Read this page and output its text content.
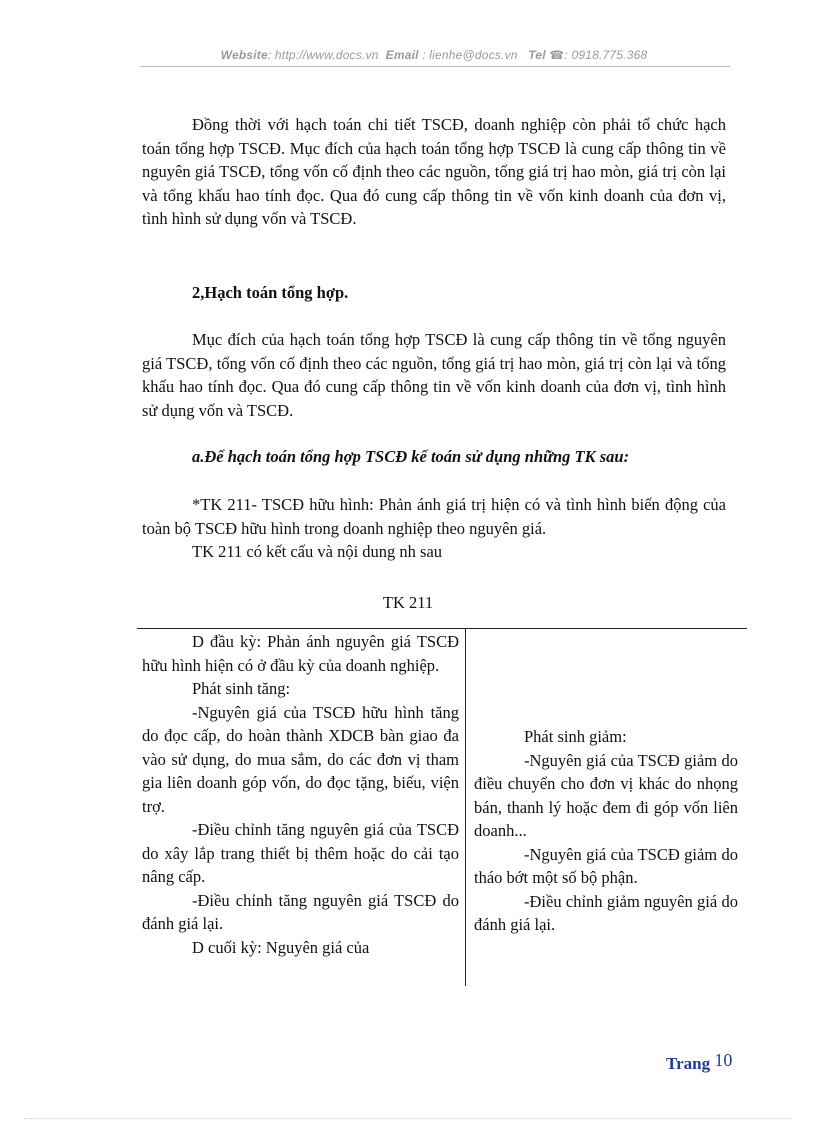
Website: http://www.docs.vn Email : lienhe@docs.vn Tel ☎: 0918.775.368
Đồng thời với hạch toán chi tiết TSCĐ, doanh nghiệp còn phải tổ chức hạch toán tổng hợp TSCĐ. Mục đích của hạch toán tổng hợp TSCĐ là cung cấp thông tin về nguyên giá TSCĐ, tổng vốn cố định theo các nguồn, tổng giá trị hao mòn, giá trị còn lại và tổng khấu hao tính đọc. Qua đó cung cấp thông tin về vốn kinh doanh của đơn vị, tình hình sử dụng vốn và TSCĐ.
2,Hạch toán tổng hợp.
Mục đích của hạch toán tổng hợp TSCĐ là cung cấp thông tin về tổng nguyên giá TSCĐ, tổng vốn cố định theo các nguồn, tổng giá trị hao mòn, giá trị còn lại và tổng khấu hao tính đọc. Qua đó cung cấp thông tin về vốn kinh doanh của đơn vị, tình hình sử dụng vốn và TSCĐ.
a.Để hạch toán tổng hợp TSCĐ kế toán sử dụng những TK sau:
*TK 211- TSCĐ hữu hình: Phản ánh giá trị hiện có và tình hình biến động của toàn bộ TSCĐ hữu hình trong doanh nghiệp theo nguyên giá.
TK 211 có kết cấu và nội dung nh sau
TK 211

D đầu kỳ: Phản ánh nguyên giá TSCĐ hữu hình hiện có ở đầu kỳ của doanh nghiệp.

Phát sinh tăng:

-Nguyên giá của TSCĐ hữu hình tăng do đọc cấp, do hoàn thành XDCB bàn giao đa vào sử dụng, do mua sắm, do các đơn vị tham gia liên doanh góp vốn, do đọc tặng, biếu, viện trợ.

-Điều chỉnh tăng nguyên giá của TSCĐ do xây lắp trang thiết bị thêm hoặc do cải tạo nâng cấp.

-Điều chỉnh tăng nguyên giá TSCĐ do đánh giá lại.

D cuối kỳ: Nguyên giá của

Phát sinh giảm:

-Nguyên giá của TSCĐ giảm do điều chuyển cho đơn vị khác do nhọng bán, thanh lý hoặc đem đi góp vốn liên doanh...

-Nguyên giá của TSCĐ giảm do tháo bớt một số bộ phận.

-Điều chỉnh giảm nguyên giá do đánh giá lại.

Trang 10
